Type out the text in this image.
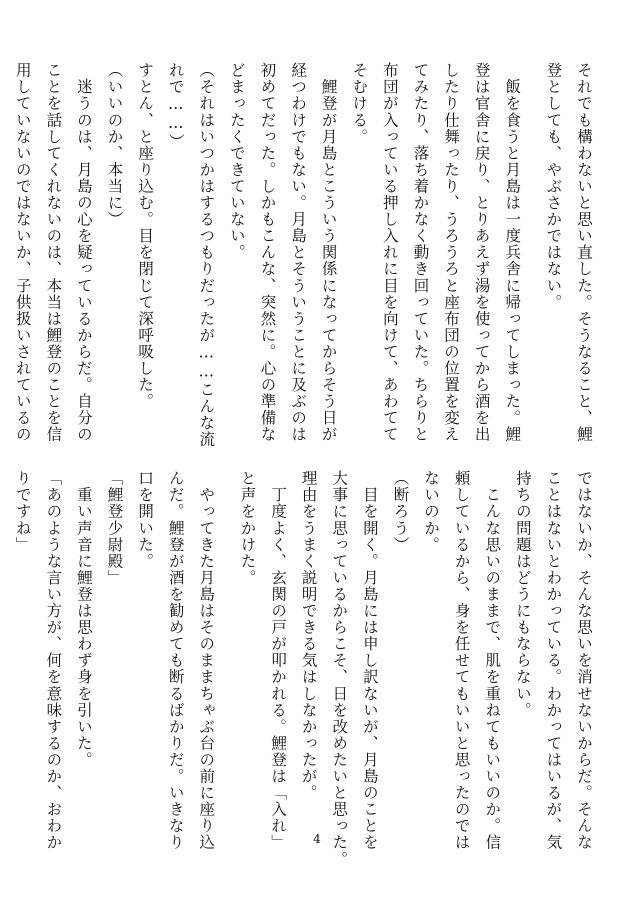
それでも構わないと思い直した。そうなること、鯉

登としても、やぶさかではない。

　飯を食うと月島は一度兵舎に帰ってしまった。鯉

登は官舎に戻り、とりあえず湯を使ってから酒を出

したり仕舞ったり、うろうろと座布団の位置を変え

てみたり、落ち着かなく動き回っていた。ちらりと

布団が入っている押し入れに目を向けて、あわてて

そむける。

　鯉登が月島とこういう関係になってからそう日が

経つわけでもない。月島とそういうことに及ぶのは

初めてだった。しかもこんな、突然に。心の準備な

どまったくできていない。

（それはいつかはするつもりだったが……こんな流

れで……）

すとん、と座り込む。目を閉じて深呼吸した。

（いいのか、本当に）

　迷うのは、月島の心を疑っているからだ。自分の

ことを話してくれないのは、本当は鯉登のことを信

用していないのではないか、子供扱いされているの

ではないか、そんな思いを消せないからだ。そんな

ことはないとわかっている。わかってはいるが、気

持ちの問題はどうにもならない。

　こんな思いのままで、肌を重ねてもいいのか。信

頼しているから、身を任せてもいいと思ったのでは

ないのか。

（断ろう）

　目を開く。月島には申し訳ないが、月島のことを

大事に思っているからこそ、日を改めたいと思った。

理由をうまく説明できる気はしなかったが。

　丁度よく、玄関の戸が叩かれる。鯉登は「入れ」

と声をかけた。

　やってきた月島はそのままちゃぶ台の前に座り込

んだ。鯉登が酒を勧めても断るばかりだ。いきなり

口を開いた。

「鯉登少尉殿」

　重い声音に鯉登は思わず身を引いた。

「あのような言い方が、何を意味するのか、おわか

りですね」

4
